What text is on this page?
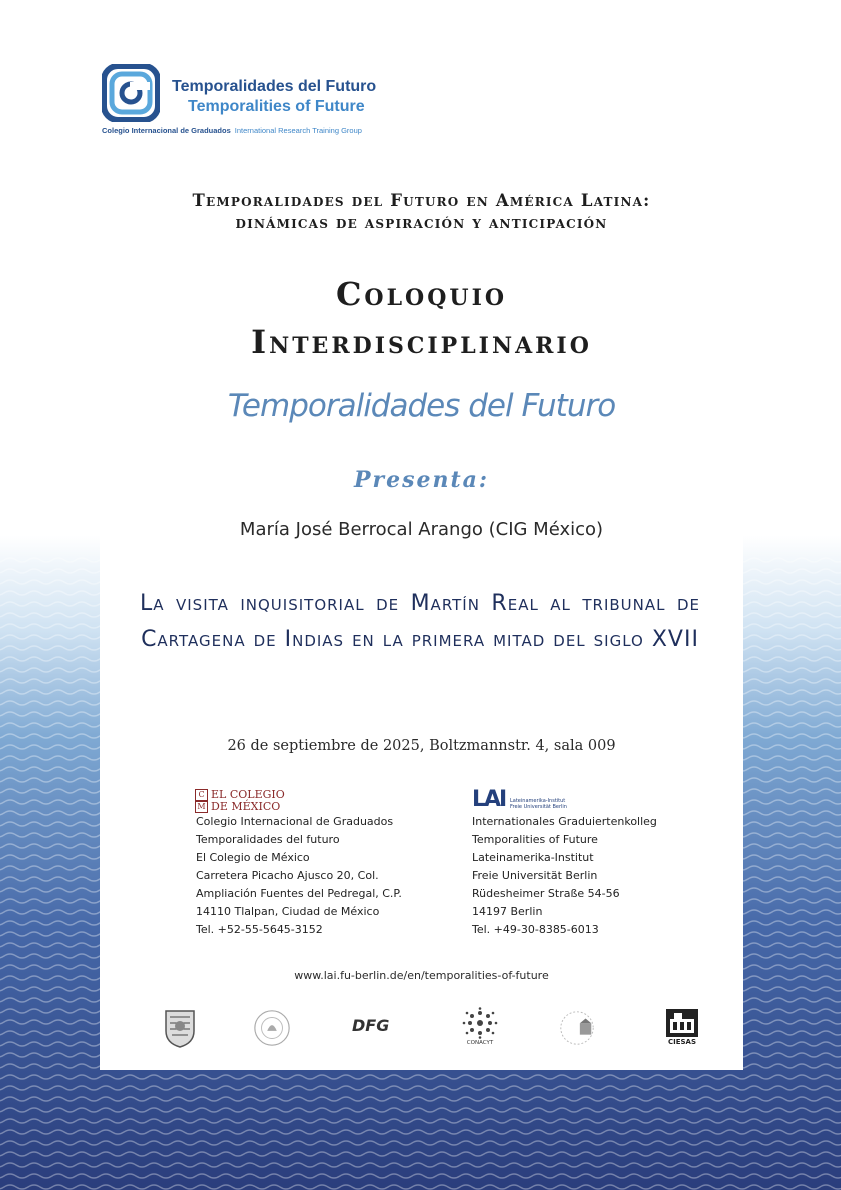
Temporalidades del Futuro
Temporalities of Future
Colegio Internacional de Graduados International Research Training Group
Temporalidades del Futuro en América Latina:
dinámicas de aspiración y anticipación
Coloquio
Interdisciplinario
Temporalidades del Futuro
Presenta:
María José Berrocal Arango (CIG México)
La visita inquisitorial de Martín Real al tribunal de Cartagena de Indias en la primera mitad del siglo XVII
26 de septiembre de 2025, Boltzmannstr. 4, sala 009
C
M
EL COLEGIO
DE MÉXICO	LAI Lateinamerika-Institut
Freie Universität Berlin
Colegio Internacional de Graduados
Temporalidades del futuro
El Colegio de México
Carretera Picacho Ajusco 20, Col.
Ampliación Fuentes del Pedregal, C.P.
14110 Tlalpan, Ciudad de México
Tel. +52-55-5645-3152
Internationales Graduiertenkolleg
Temporalities of Future
Lateinamerika-Institut
Freie Universität Berlin
Rüdesheimer Straße 54-56
14197 Berlin
Tel. +49-30-8385-6013
www.lai.fu-berlin.de/en/temporalities-of-future
DFG
CONACYT	CIESAS
